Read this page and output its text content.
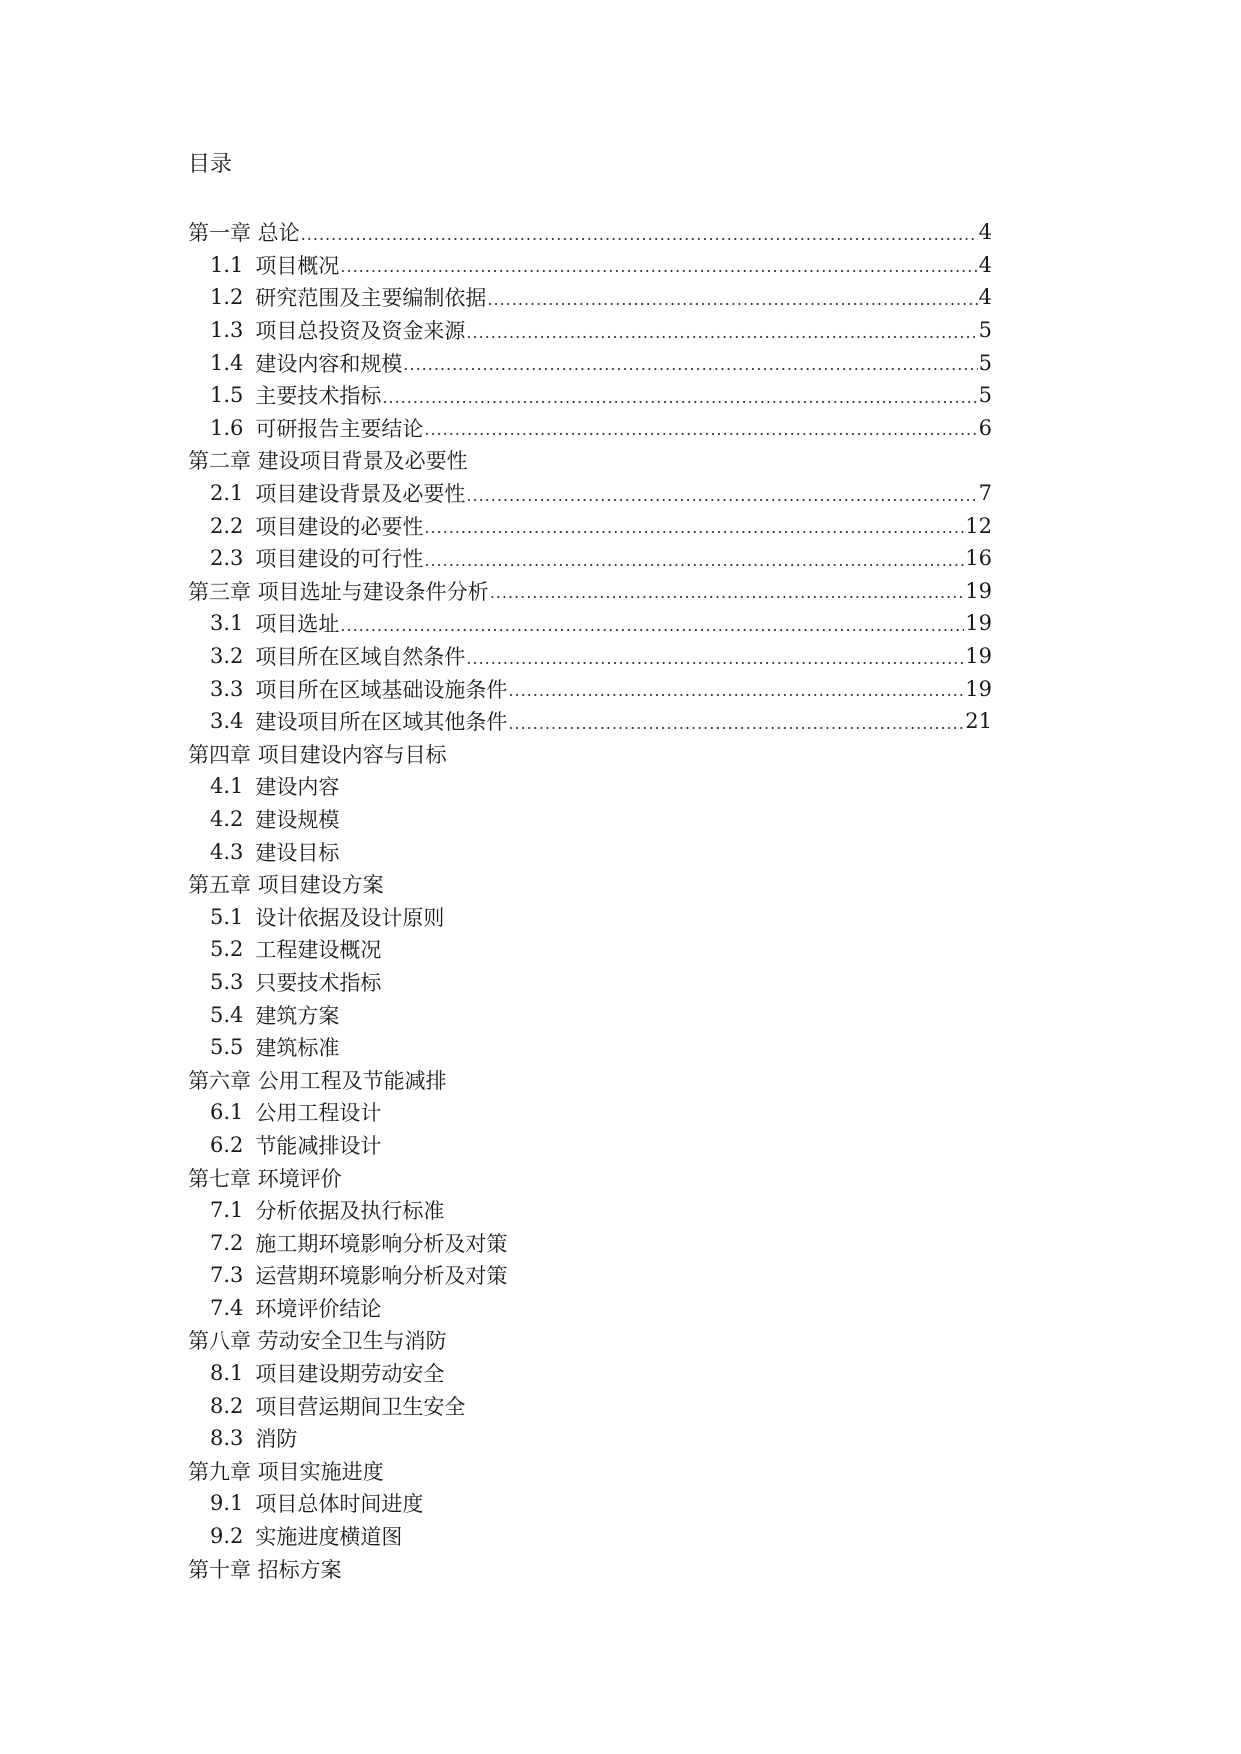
目录
第一章 总论 .....	4
1.1 项目概况 .....	4
1.2 研究范围及主要编制依据 .....	4
1.3 项目总投资及资金来源 .....	5
1.4 建设内容和规模 .....	5
1.5 主要技术指标 .....	5
1.6 可研报告主要结论 .....	6
第二章 建设项目背景及必要性
2.1 项目建设背景及必要性 .....	7
2.2 项目建设的必要性 .....	12
2.3 项目建设的可行性 .....	16
第三章 项目选址与建设条件分析 .....	19
3.1 项目选址 .....	19
3.2 项目所在区域自然条件 .....	19
3.3 项目所在区域基础设施条件 .....	19
3.4 建设项目所在区域其他条件 .....	21
第四章 项目建设内容与目标
4.1 建设内容
4.2 建设规模
4.3 建设目标
第五章 项目建设方案
5.1 设计依据及设计原则
5.2 工程建设概况
5.3 只要技术指标
5.4 建筑方案
5.5 建筑标准
第六章 公用工程及节能减排
6.1 公用工程设计
6.2 节能减排设计
第七章 环境评价
7.1 分析依据及执行标准
7.2 施工期环境影响分析及对策
7.3 运营期环境影响分析及对策
7.4 环境评价结论
第八章 劳动安全卫生与消防
8.1 项目建设期劳动安全
8.2 项目营运期间卫生安全
8.3 消防
第九章 项目实施进度
9.1 项目总体时间进度
9.2 实施进度横道图
第十章 招标方案
